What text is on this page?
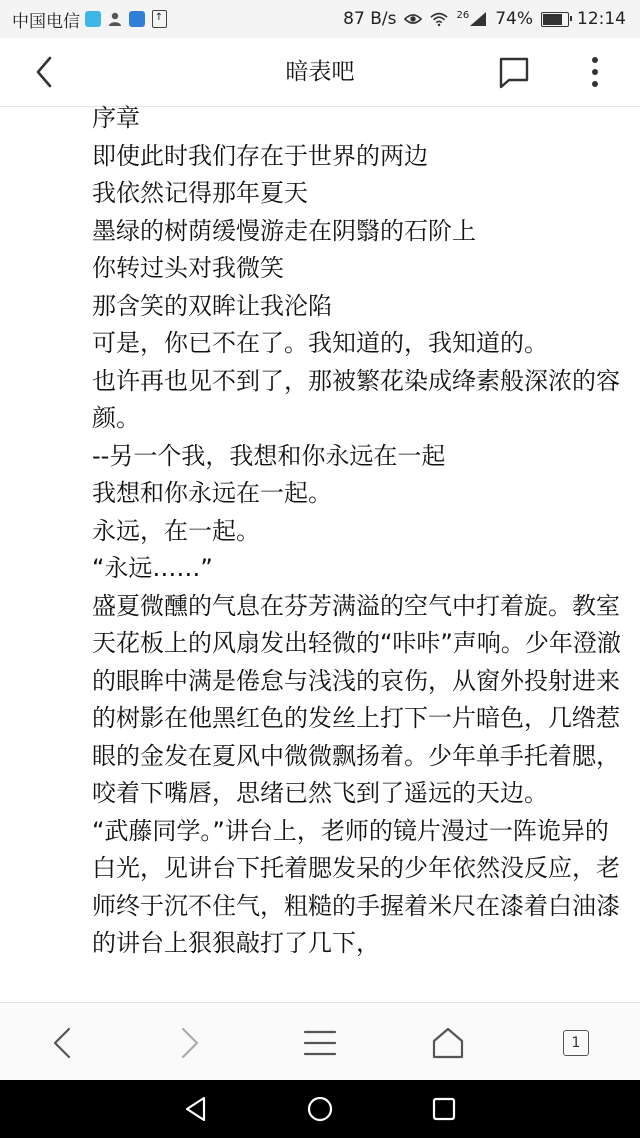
中国电信	↑	87 B/s	26 74%	12:14
暗表吧

序章

即使此时我们存在于世界的两边

我依然记得那年夏天

墨绿的树荫缓慢游走在阴翳的石阶上

你转过头对我微笑

那含笑的双眸让我沦陷

可是，你已不在了。我知道的，我知道的。

也许再也见不到了，那被繁花染成绛素般深浓的容颜。

--另一个我，我想和你永远在一起

我想和你永远在一起。

永远，在一起。

“永远……”

盛夏微醺的气息在芬芳满溢的空气中打着旋。教室天花板上的风扇发出轻微的“咔咔”声响。少年澄澈的眼眸中满是倦怠与浅浅的哀伤，从窗外投射进来的树影在他黑红色的发丝上打下一片暗色，几绺惹眼的金发在夏风中微微飘扬着。少年单手托着腮，咬着下嘴唇，思绪已然飞到了遥远的天边。

“武藤同学。”讲台上，老师的镜片漫过一阵诡异的白光，见讲台下托着腮发呆的少年依然没反应，老师终于沉不住气，粗糙的手握着米尺在漆着白油漆的讲台上狠狠敲打了几下，

1
